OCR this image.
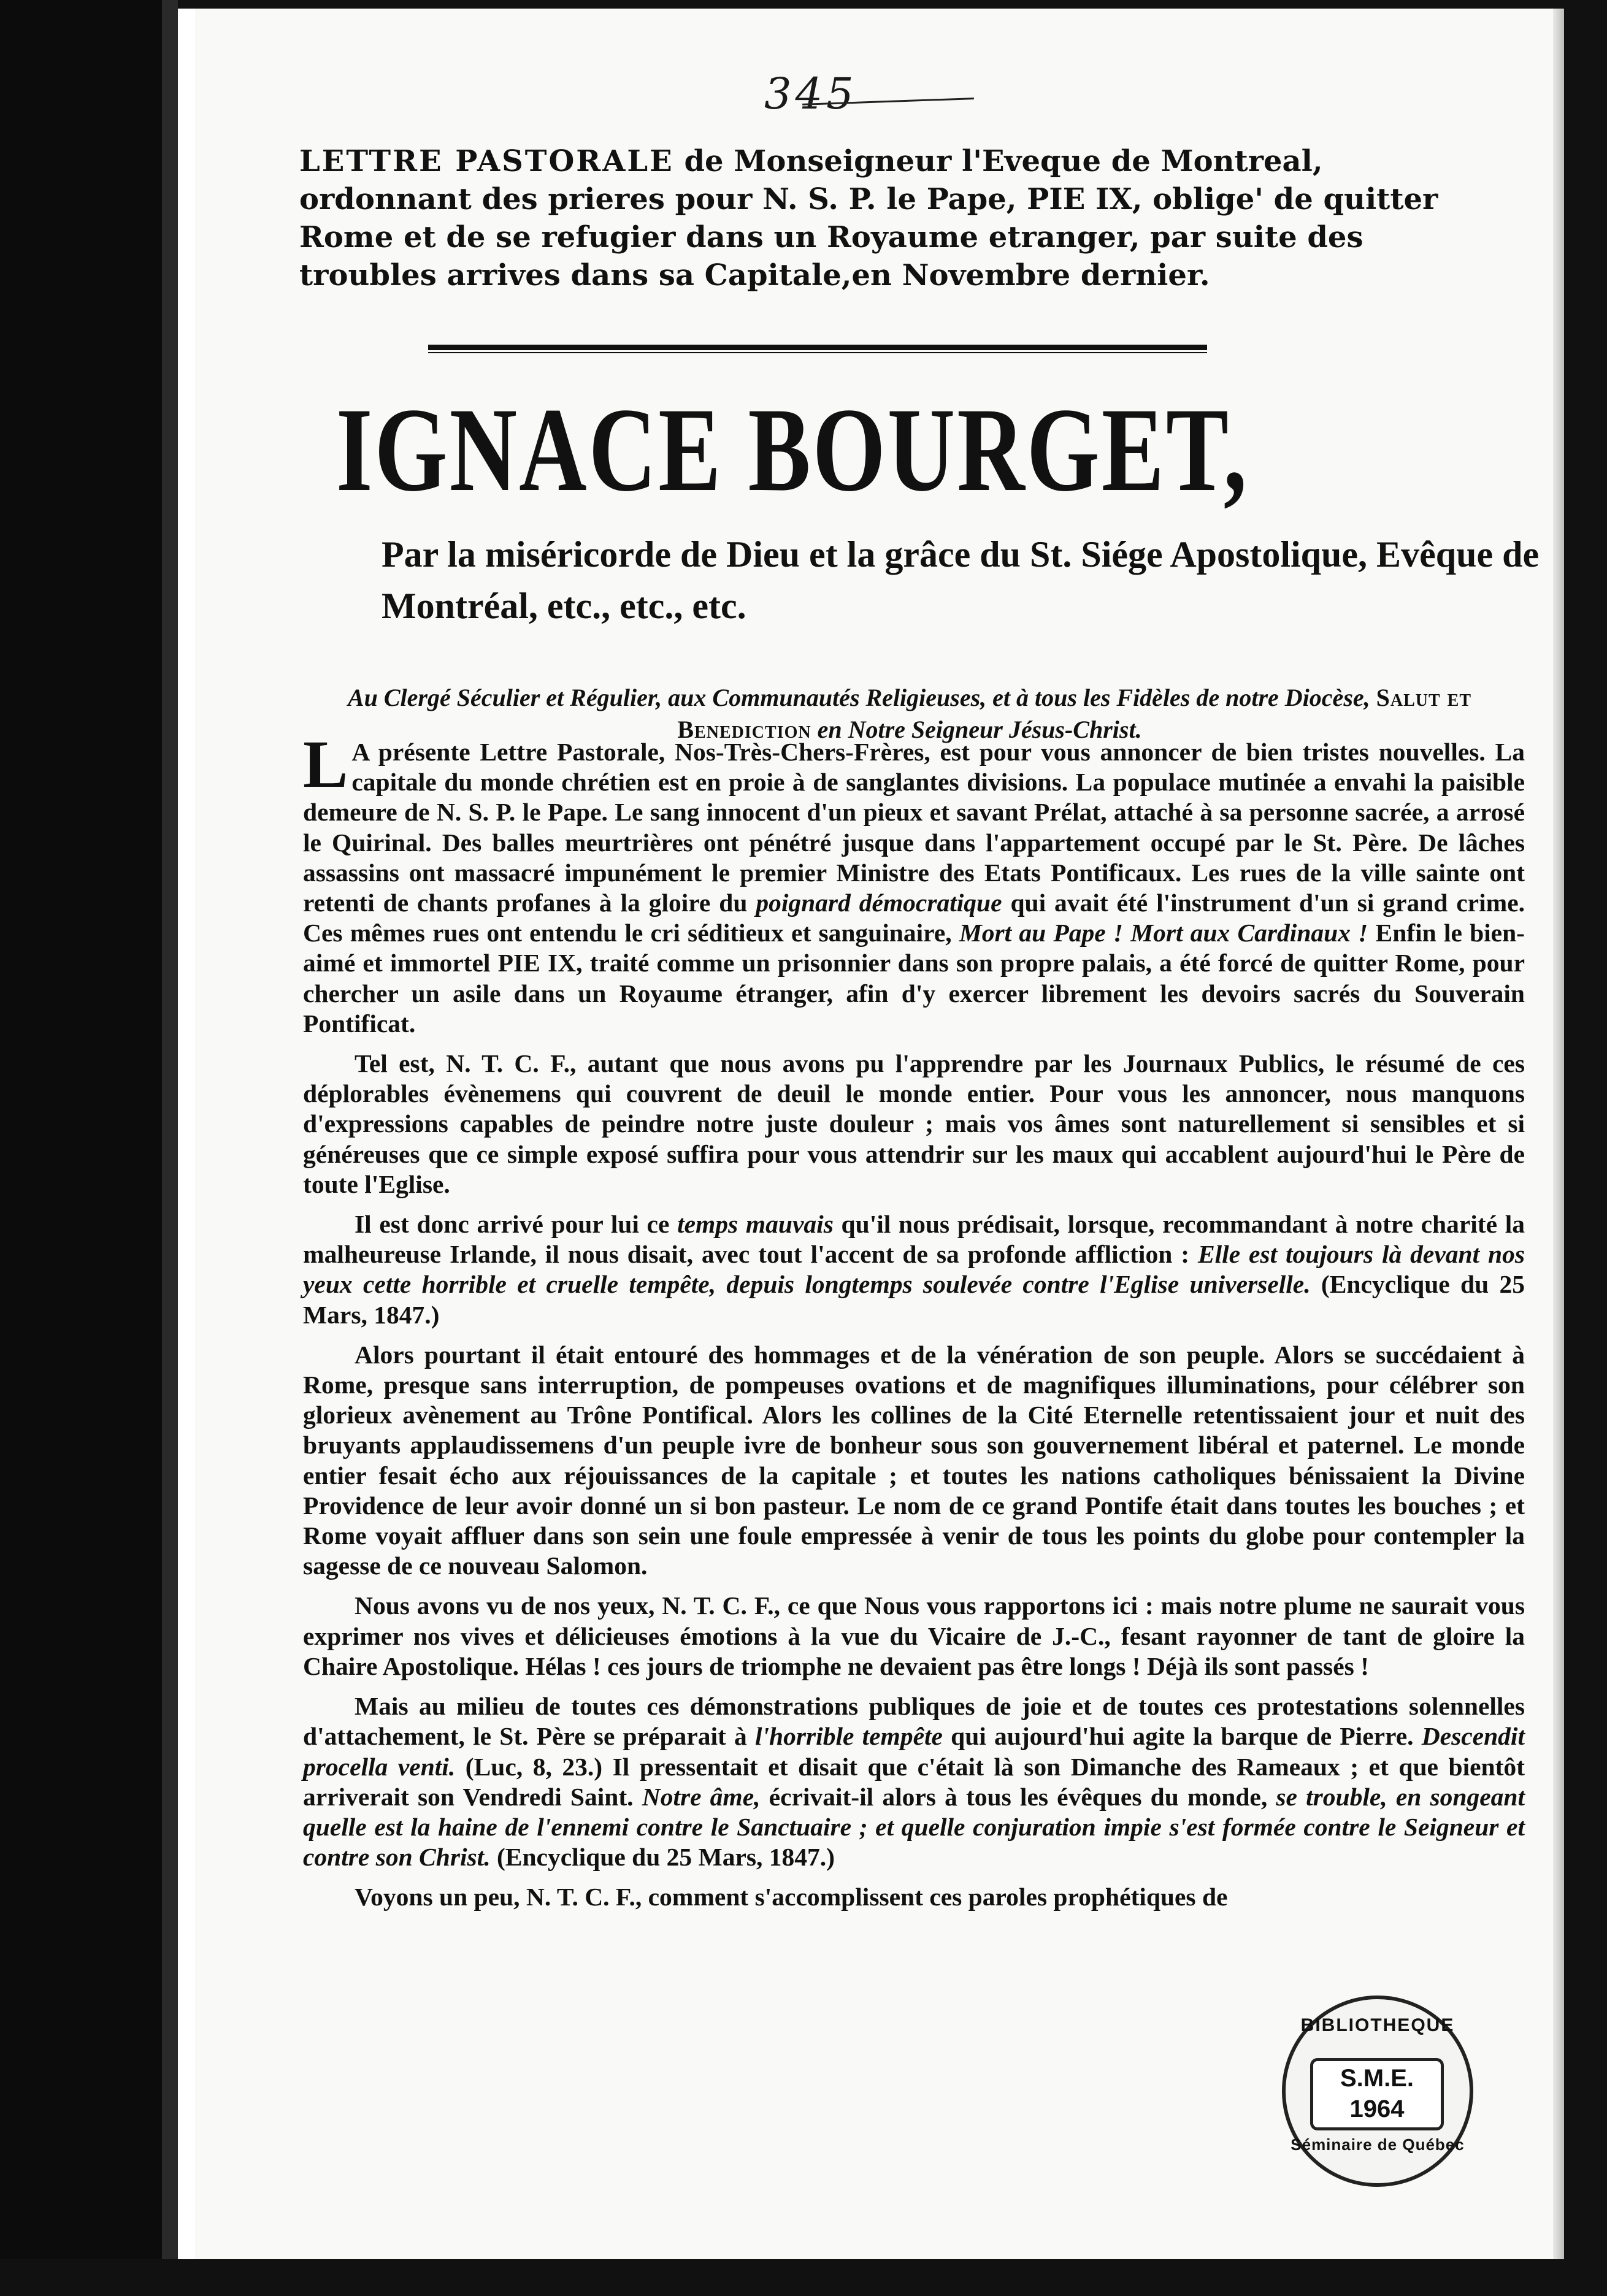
345
LETTRE PASTORALE de Monseigneur l'Eveque de Montreal, ordonnant des prieres pour N. S. P. le Pape, PIE IX, oblige' de quitter Rome et de se refugier dans un Royaume etranger, par suite des troubles arrives dans sa Capitale,en Novembre dernier.
IGNACE BOURGET,
Par la miséricorde de Dieu et la grâce du St. Siége Apostolique, Evêque de Montréal, etc., etc., etc.
Au Clergé Séculier et Régulier, aux Communautés Religieuses, et à tous les Fidèles de notre Diocèse, Salut et Benediction en Notre Seigneur Jésus-Christ.

L A présente Lettre Pastorale, Nos-Très-Chers-Frères, est pour vous annoncer de bien tristes nouvelles. La capitale du monde chrétien est en proie à de sanglantes divisions. La populace mutinée a envahi la paisible demeure de N. S. P. le Pape. Le sang innocent d'un pieux et savant Prélat, attaché à sa personne sacrée, a arrosé le Quirinal. Des balles meurtrières ont pénétré jusque dans l'appartement occupé par le St. Père. De lâches assassins ont massacré impunément le premier Ministre des Etats Pontificaux. Les rues de la ville sainte ont retenti de chants profanes à la gloire du poignard démocratique qui avait été l'instrument d'un si grand crime. Ces mêmes rues ont entendu le cri séditieux et sanguinaire, Mort au Pape ! Mort aux Cardinaux ! Enfin le bien-aimé et immortel PIE IX, traité comme un prisonnier dans son propre palais, a été forcé de quitter Rome, pour chercher un asile dans un Royaume étranger, afin d'y exercer librement les devoirs sacrés du Souverain Pontificat.

Tel est, N. T. C. F., autant que nous avons pu l'apprendre par les Journaux Publics, le résumé de ces déplorables évènemens qui couvrent de deuil le monde entier. Pour vous les annoncer, nous manquons d'expressions capables de peindre notre juste douleur ; mais vos âmes sont naturellement si sensibles et si généreuses que ce simple exposé suffira pour vous attendrir sur les maux qui accablent aujourd'hui le Père de toute l'Eglise.

Il est donc arrivé pour lui ce temps mauvais qu'il nous prédisait, lorsque, recommandant à notre charité la malheureuse Irlande, il nous disait, avec tout l'accent de sa profonde affliction : Elle est toujours là devant nos yeux cette horrible et cruelle tempête, depuis longtemps soulevée contre l'Eglise universelle. (Encyclique du 25 Mars, 1847.)

Alors pourtant il était entouré des hommages et de la vénération de son peuple. Alors se succédaient à Rome, presque sans interruption, de pompeuses ovations et de magnifiques illuminations, pour célébrer son glorieux avènement au Trône Pontifical. Alors les collines de la Cité Eternelle retentissaient jour et nuit des bruyants applaudissemens d'un peuple ivre de bonheur sous son gouvernement libéral et paternel. Le monde entier fesait écho aux réjouissances de la capitale ; et toutes les nations catholiques bénissaient la Divine Providence de leur avoir donné un si bon pasteur. Le nom de ce grand Pontife était dans toutes les bouches ; et Rome voyait affluer dans son sein une foule empressée à venir de tous les points du globe pour contempler la sagesse de ce nouveau Salomon.

Nous avons vu de nos yeux, N. T. C. F., ce que Nous vous rapportons ici : mais notre plume ne saurait vous exprimer nos vives et délicieuses émotions à la vue du Vicaire de J.-C., fesant rayonner de tant de gloire la Chaire Apostolique. Hélas ! ces jours de triomphe ne devaient pas être longs ! Déjà ils sont passés !

Mais au milieu de toutes ces démonstrations publiques de joie et de toutes ces protestations solennelles d'attachement, le St. Père se préparait à l'horrible tempête qui aujourd'hui agite la barque de Pierre. Descendit procella venti. (Luc, 8, 23.) Il pressentait et disait que c'était là son Dimanche des Rameaux ; et que bientôt arriverait son Vendredi Saint. Notre âme, écrivait-il alors à tous les évêques du monde, se trouble, en songeant quelle est la haine de l'ennemi contre le Sanctuaire ; et quelle conjuration impie s'est formée contre le Seigneur et contre son Christ. (Encyclique du 25 Mars, 1847.)

Voyons un peu, N. T. C. F., comment s'accomplissent ces paroles prophétiques de

BIBLIOTHEQUE
S.M.E.
1964
Séminaire de Québec
